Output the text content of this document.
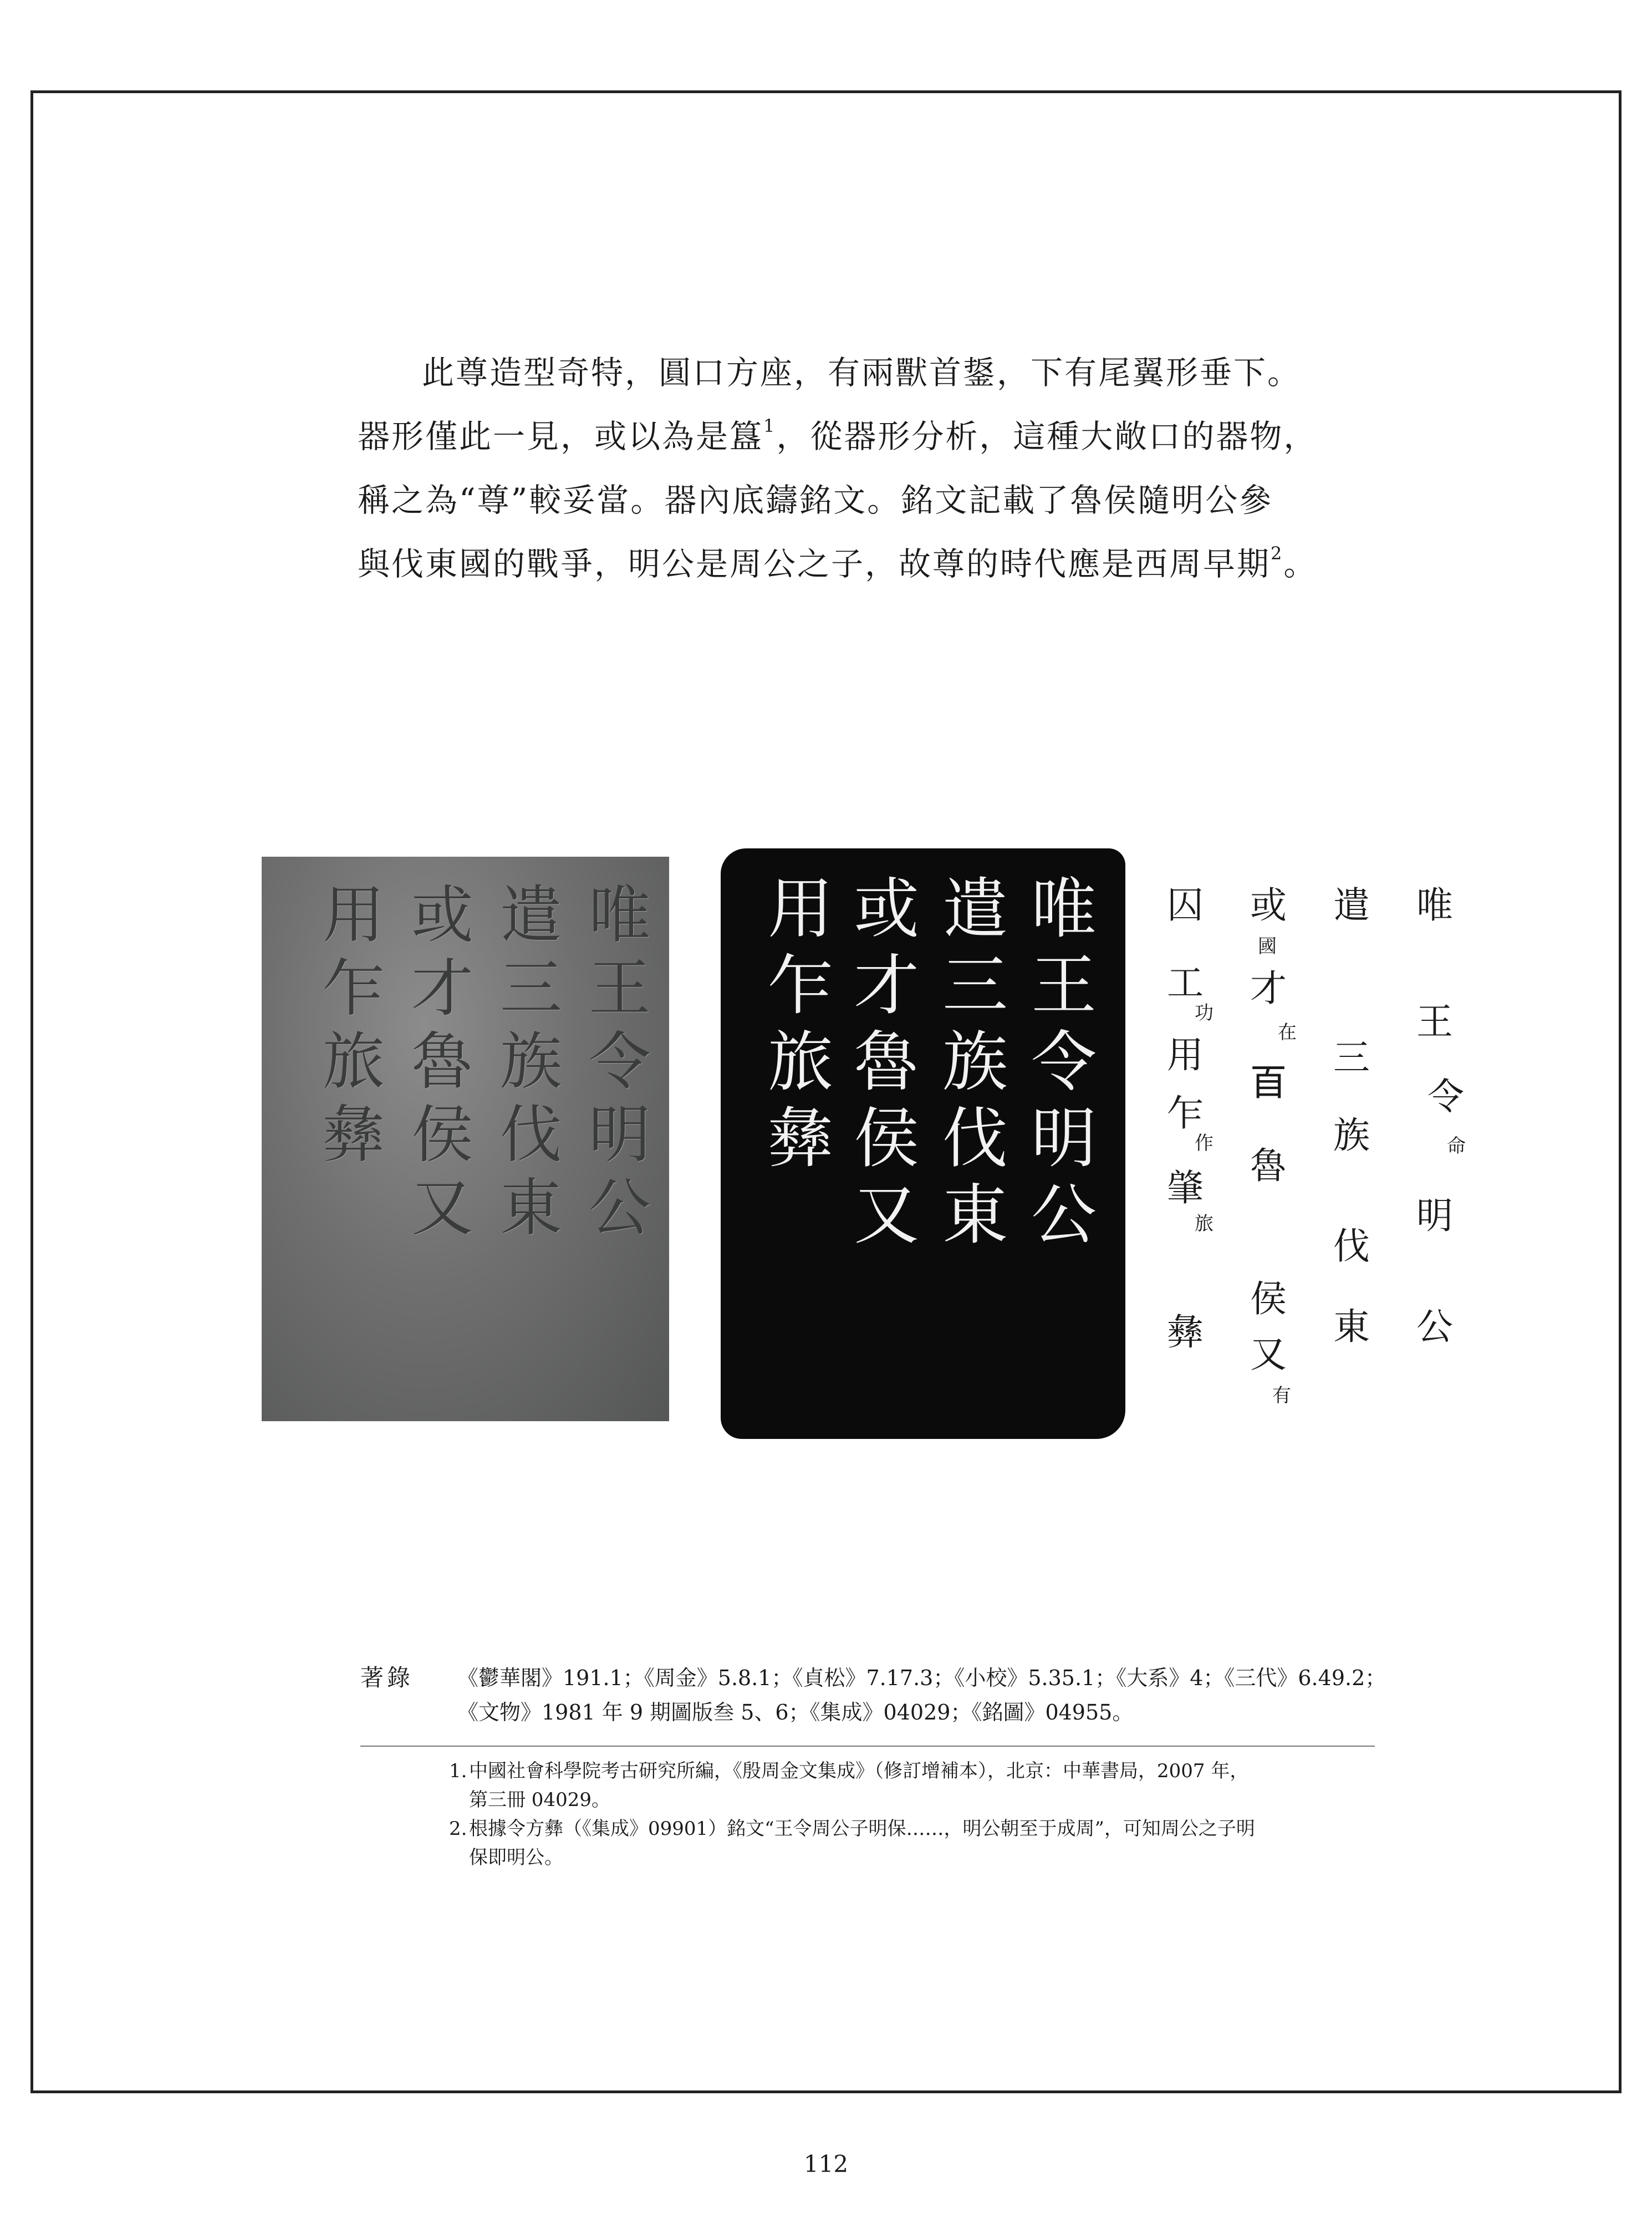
此尊造型奇特，圓口方座，有兩獸首鋬，下有尾翼形垂下。

器形僅此一見，或以為是簋$^1$，從器形分析，這種大敞口的器物，

稱之為“尊”較妥當。器內底鑄銘文。銘文記載了魯侯隨明公參

與伐東國的戰爭，明公是周公之子，故尊的時代應是西周早期$^2$。

唯
王
令
明
公
遣
三
族
伐
東
或
才
魯
侯
又
用
乍
旅
彝
唯
王
令
明
公
遣
三
族
伐
東
或
才
魯
侯
又
用
乍
旅
彝
唯
王
令
命
明
公
遣
三
族
伐
東
或
國
才
在
𦣻
魯
侯
又
有
囚
工
功
用
乍
作
肇
旅
彝
著錄 《鬱華閣》191.1；《周金》5.8.1；《貞松》7.17.3；《小校》5.35.1；《大系》4；《三代》6.49.2；
《文物》1981 年 9 期圖版叁 5、6；《集成》04029；《銘圖》04955。
1. 中國社會科學院考古研究所編，《殷周金文集成》（修訂增補本），北京：中華書局，2007 年，
第三冊 04029。
2. 根據令方彝（《集成》09901）銘文“王令周公子明保……，明公朝至于成周”，可知周公之子明
保即明公。
112
